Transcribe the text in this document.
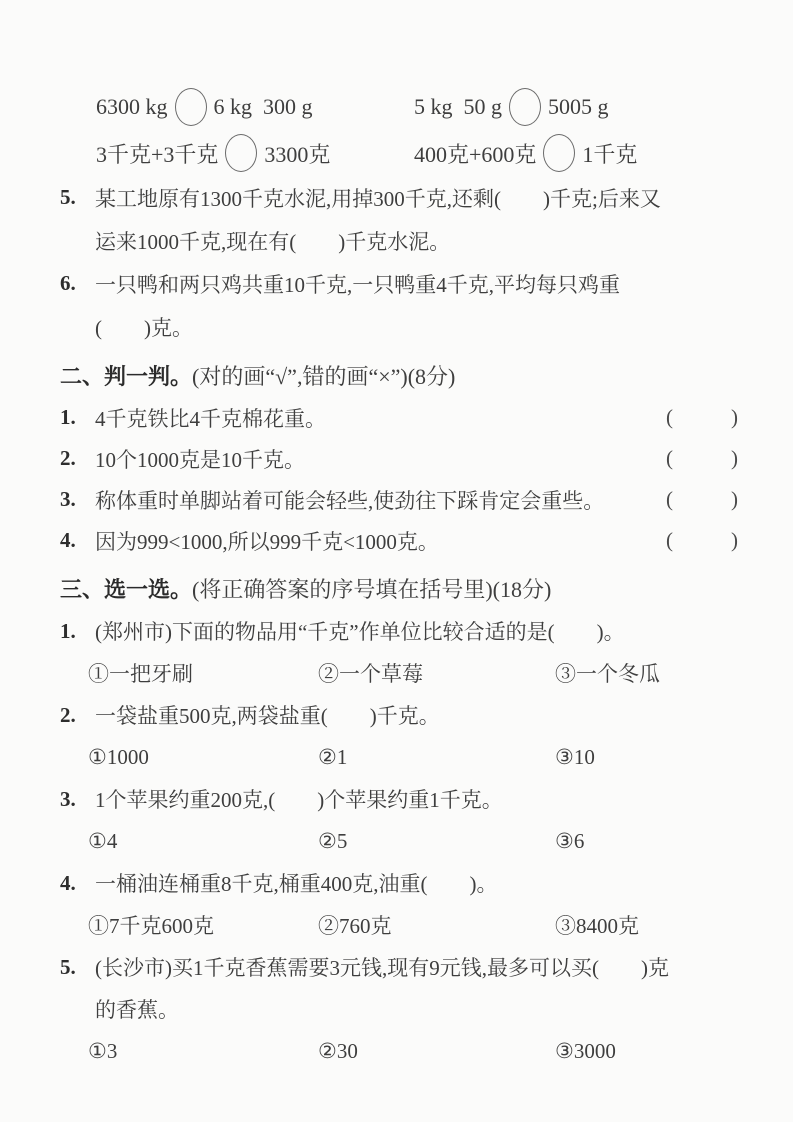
6300 kg 6 kg 300 g	5 kg 50 g 5005 g
3千克+3千克 3300克	400克+600克 1千克
5. 某工地原有1300千克水泥,用掉300千克,还剩(  )千克;后来又
运来1000千克,现在有(  )千克水泥。
6. 一只鸭和两只鸡共重10千克,一只鸭重4千克,平均每只鸡重
(  )克。
二、判一判。 (对的画“√”,错的画“×”)(8分)
1. 4千克铁比4千克棉花重。	(	)
2. 10个1000克是10千克。	(	)
3. 称体重时单脚站着可能会轻些,使劲往下踩肯定会重些。	(	)
4. 因为999<1000,所以999千克<1000克。	(	)
三、选一选。 (将正确答案的序号填在括号里)(18分)
1. (郑州市)下面的物品用“千克”作单位比较合适的是(  )。
①一把牙刷	②一个草莓	③一个冬瓜
2. 一袋盐重500克,两袋盐重(  )千克。
①1000	②1	③10
3. 1个苹果约重200克,(  )个苹果约重1千克。
①4	②5	③6
4. 一桶油连桶重8千克,桶重400克,油重(  )。
①7千克600克	②760克	③8400克
5. (长沙市)买1千克香蕉需要3元钱,现有9元钱,最多可以买(  )克
的香蕉。
①3	②30	③3000
